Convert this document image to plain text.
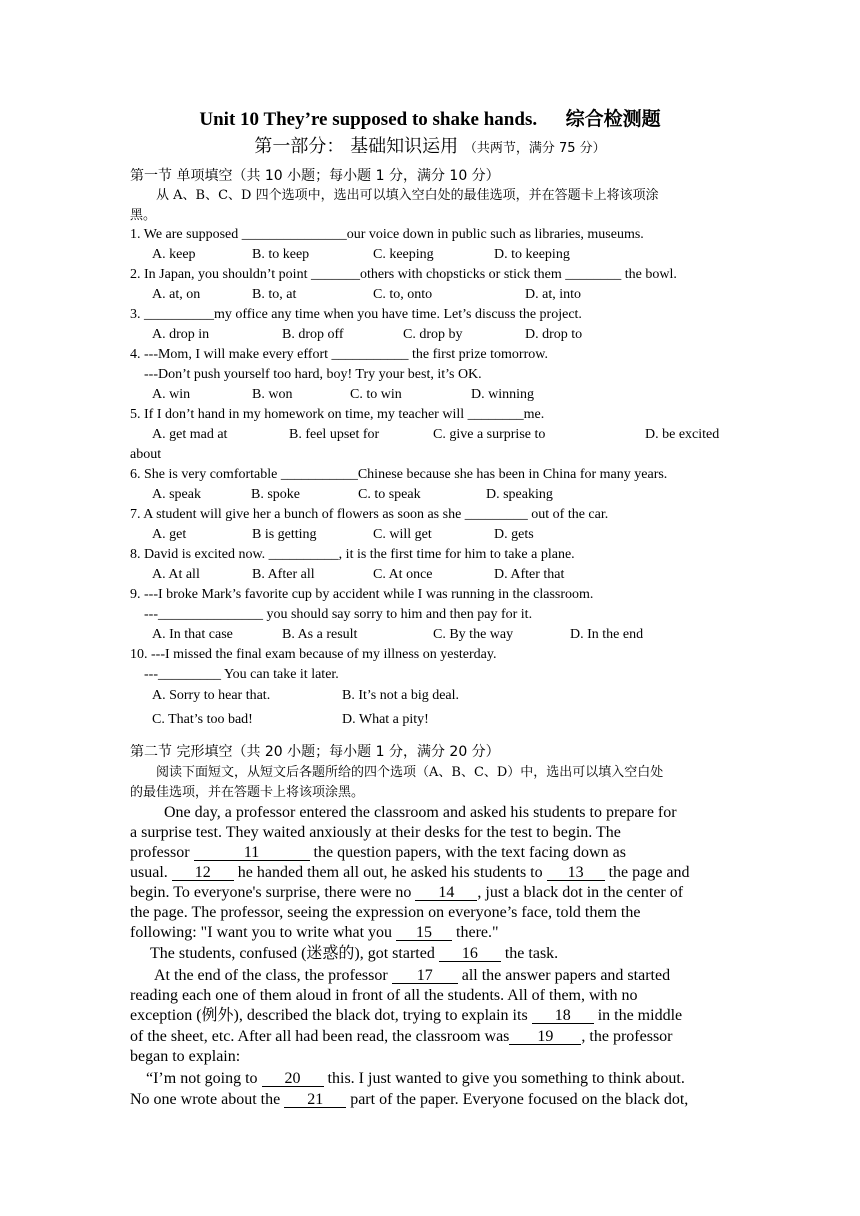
Unit 10 They’re supposed to shake hands.      综合检测题
第一部分： 基础知识运用 （共两节，满分 75 分）
第一节 单项填空（共 10 小题；每小题 1 分，满分 10 分）
从 A、B、C、D 四个选项中，选出可以填入空白处的最佳选项，并在答题卡上将该项涂
黑。
1. We are supposed _______________our voice down in public such as libraries, museums.
A. keep	B. to keep	C. keeping	D. to keeping
2. In Japan, you shouldn’t point _______others with chopsticks or stick them ________ the bowl.
A. at, on	B. to, at	C. to, onto	D. at, into
3. __________my office any time when you have time. Let’s discuss the project.
A. drop in	B. drop off	C. drop by	D. drop to
4. ---Mom, I will make every effort ___________ the first prize tomorrow.
---Don’t push yourself too hard, boy! Try your best, it’s OK.
A. win	B. won	C. to win	D. winning
5. If I don’t hand in my homework on time, my teacher will ________me.
A. get mad at	B. feel upset for	C. give a surprise to	D. be excited
about
6. She is very comfortable ___________Chinese because she has been in China for many years.
A. speak	B. spoke	C. to speak	D. speaking
7. A student will give her a bunch of flowers as soon as she _________ out of the car.
A. get	B is getting	C. will get	D. gets
8. David is excited now. __________, it is the first time for him to take a plane.
A. At all	B. After all	C. At once	D. After that
9. ---I broke Mark’s favorite cup by accident while I was running in the classroom.
---_______________ you should say sorry to him and then pay for it.
A. In that case	B. As a result	C. By the way	D. In the end
10. ---I missed the final exam because of my illness on yesterday.
---_________ You can take it later.
A. Sorry to hear that.	B. It’s not a big deal.
C. That’s too bad!	D. What a pity!
第二节 完形填空（共 20 小题；每小题 1 分，满分 20 分）
阅读下面短文，从短文后各题所给的四个选项（A、B、C、D）中，选出可以填入空白处
的最佳选项，并在答题卡上将该项涂黑。
One day, a professor entered the classroom and asked his students to prepare for
a surprise test. They waited anxiously at their desks for the test to begin. The
professor	11	the question papers, with the text facing down as
usual. 12 he handed them all out, he asked his students to 13 the page and
begin. To everyone's surprise, there were no 14 , just a black dot in the center of
the page. The professor, seeing the expression on everyone’s face, told them the
following: "I want you to write what you 15 there."
The students, confused (迷惑的), got started 16 the task.
At the end of the class, the professor 17 all the answer papers and started
reading each one of them aloud in front of all the students. All of them, with no
exception (例外), described the black dot, trying to explain its 18 in the middle
of the sheet, etc. After all had been read, the classroom was 19 , the professor
began to explain:
“I’m not going to 20 this. I just wanted to give you something to think about.
No one wrote about the 21 part of the paper. Everyone focused on the black dot,
